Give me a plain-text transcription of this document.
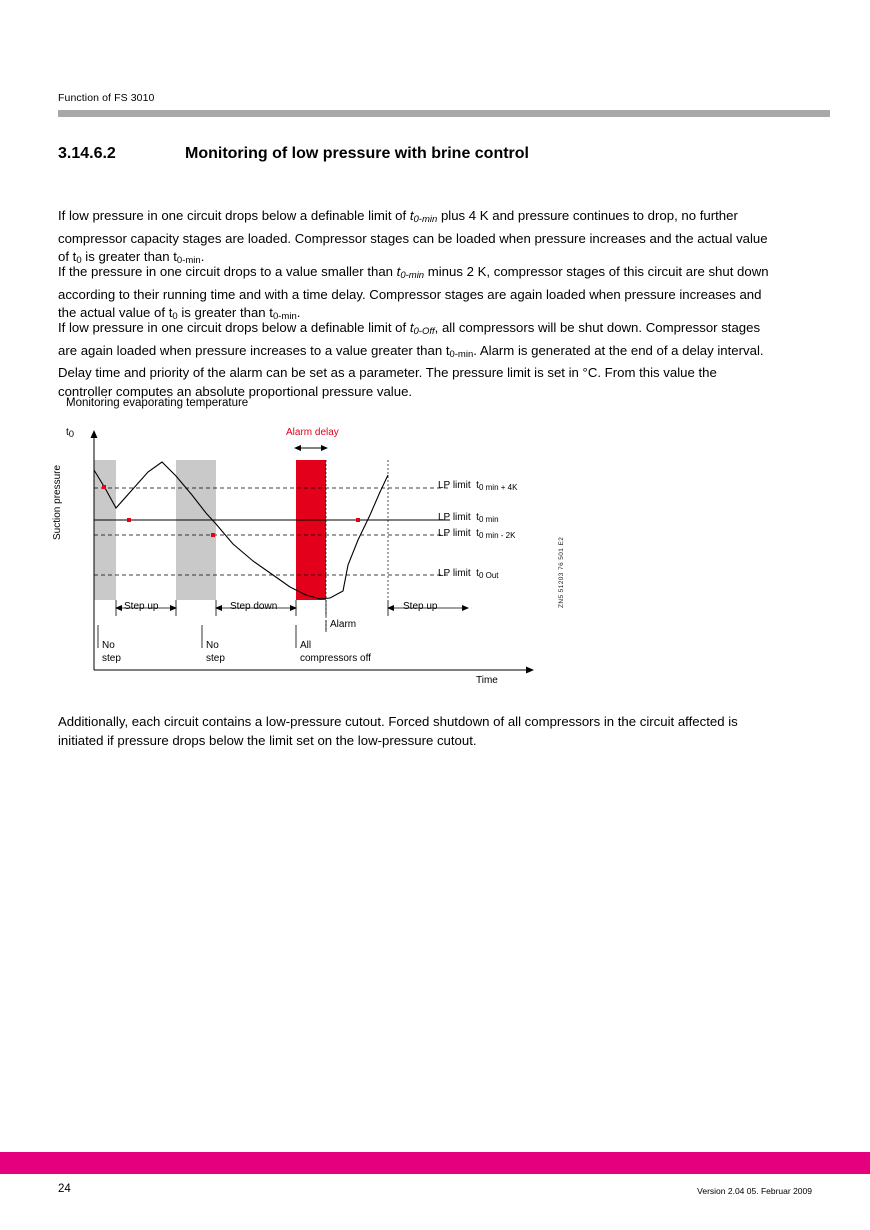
Function of FS 3010
3.14.6.2	Monitoring of low pressure with brine control
If low pressure in one circuit drops below a definable limit of $t_{0-min}$ plus 4 K and pressure continues to drop, no further compressor capacity stages are loaded. Compressor stages can be loaded when pressure increases and the actual value of $t_0$ is greater than $t_{0-min}$.
If the pressure in one circuit drops to a value smaller than $t_{0-min}$ minus 2 K, compressor stages of this circuit are shut down according to their running time and with a time delay. Compressor stages are again loaded when pressure increases and the actual value of $t_0$ is greater than $t_{0-min}$.
If low pressure in one circuit drops below a definable limit of $t_{0-Off}$, all compressors will be shut down. Compressor stages are again loaded when pressure increases to a value greater than $t_{0-min}$. Alarm is generated at the end of a delay interval. Delay time and priority of the alarm can be set as a parameter. The pressure limit is set in °C. From this value the controller computes an absolute proportional pressure value.
Monitoring evaporating temperature
Suction pressure
t0
Time
Alarm delay
LP limit $t_{0 min + 4K}$
LP limit $t_{0 min}$
LP limit $t_{0 min - 2K}$
LP limit $t_{0 Out}$
Step up	Step down	Step up
No
step
No
step
All
compressors off
Alarm
ZN5 51203 76 501 E2
Additionally, each circuit contains a low-pressure cutout. Forced shutdown of all compressors in the circuit affected is initiated if pressure drops below the limit set on the low-pressure cutout.
24	Version 2.04 05. Februar 2009
